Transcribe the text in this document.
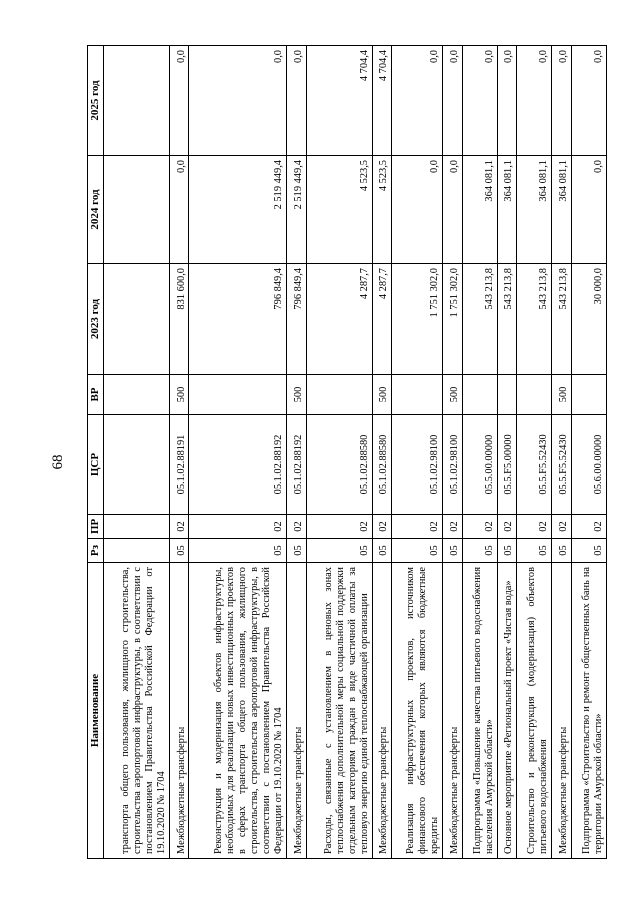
68
Наименование	Рз	ПР	ЦСР	ВР	2023 год	2024 год	2025 год
транспорта общего пользования, жилищного строительства, строительства аэропортовой инфраструктуры, в соответствии с постановлением Правительства Российской Федерации от 19.10.2020 № 1704							
Межбюджетные трансферты	05	02	05.1.02.88191	500	831 600,0	0,0	0,0
Реконструкция и модернизация объектов инфраструктуры, необходимых для реализации новых инвестиционных проектов в сферах транспорта общего пользования, жилищного строительства, строительства аэропортовой инфраструктуры, в соответствии с постановлением Правительства Российской Федерации от 19.10.2020 № 1704	05	02	05.1.02.88192		796 849,4	2 519 449,4	0,0
Межбюджетные трансферты	05	02	05.1.02.88192	500	796 849,4	2 519 449,4	0,0
Расходы, связанные с установлением в ценовых зонах теплоснабжения дополнительной меры социальной поддержки отдельным категориям граждан в виде частичной оплаты за тепловую энергию единой теплоснабжающей организации	05	02	05.1.02.88580		4 287,7	4 523,5	4 704,4
Межбюджетные трансферты	05	02	05.1.02.88580	500	4 287,7	4 523,5	4 704,4
Реализация инфраструктурных проектов, источником финансового обеспечения которых являются бюджетные кредиты	05	02	05.1.02.98100		1 751 302,0	0,0	0,0
Межбюджетные трансферты	05	02	05.1.02.98100	500	1 751 302,0	0,0	0,0
Подпрограмма «Повышение качества питьевого водоснабжения населения Амурской области»	05	02	05.5.00.00000		543 213,8	364 081,1	0,0
Основное мероприятие «Региональный проект «Чистая вода»	05	02	05.5.F5.00000		543 213,8	364 081,1	0,0
Строительство и реконструкция (модернизация) объектов питьевого водоснабжения	05	02	05.5.F5.52430		543 213,8	364 081,1	0,0
Межбюджетные трансферты	05	02	05.5.F5.52430	500	543 213,8	364 081,1	0,0
Подпрограмма «Строительство и ремонт общественных бань на территории Амурской области»	05	02	05.6.00.00000		30 000,0	0,0	0,0
